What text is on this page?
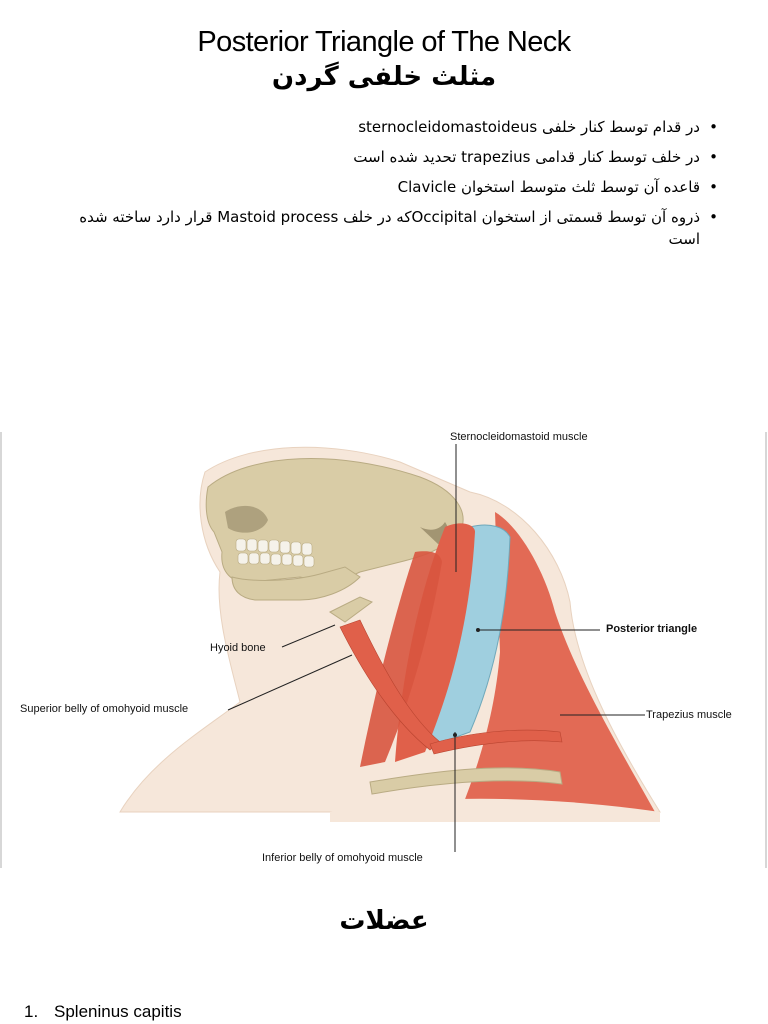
Posterior Triangle of The Neck
مثلث خلفی گردن
• در قدام توسط کنار خلفی sternocleidomastoideus
• در خلف توسط کنار قدامی trapezius تحدید شده است
• قاعده آن توسط ثلث متوسط استخوان Clavicle
• ذروه آن توسط قسمتی از استخوان Occipitalکه در خلف Mastoid process قرار دارد ساخته شده است
Sternocleidomastoid muscle
Posterior triangle
Hyoid bone
Superior belly of omohyoid muscle	Trapezius muscle
Inferior belly of omohyoid muscle
عضلات
1. Spleninus capitis
